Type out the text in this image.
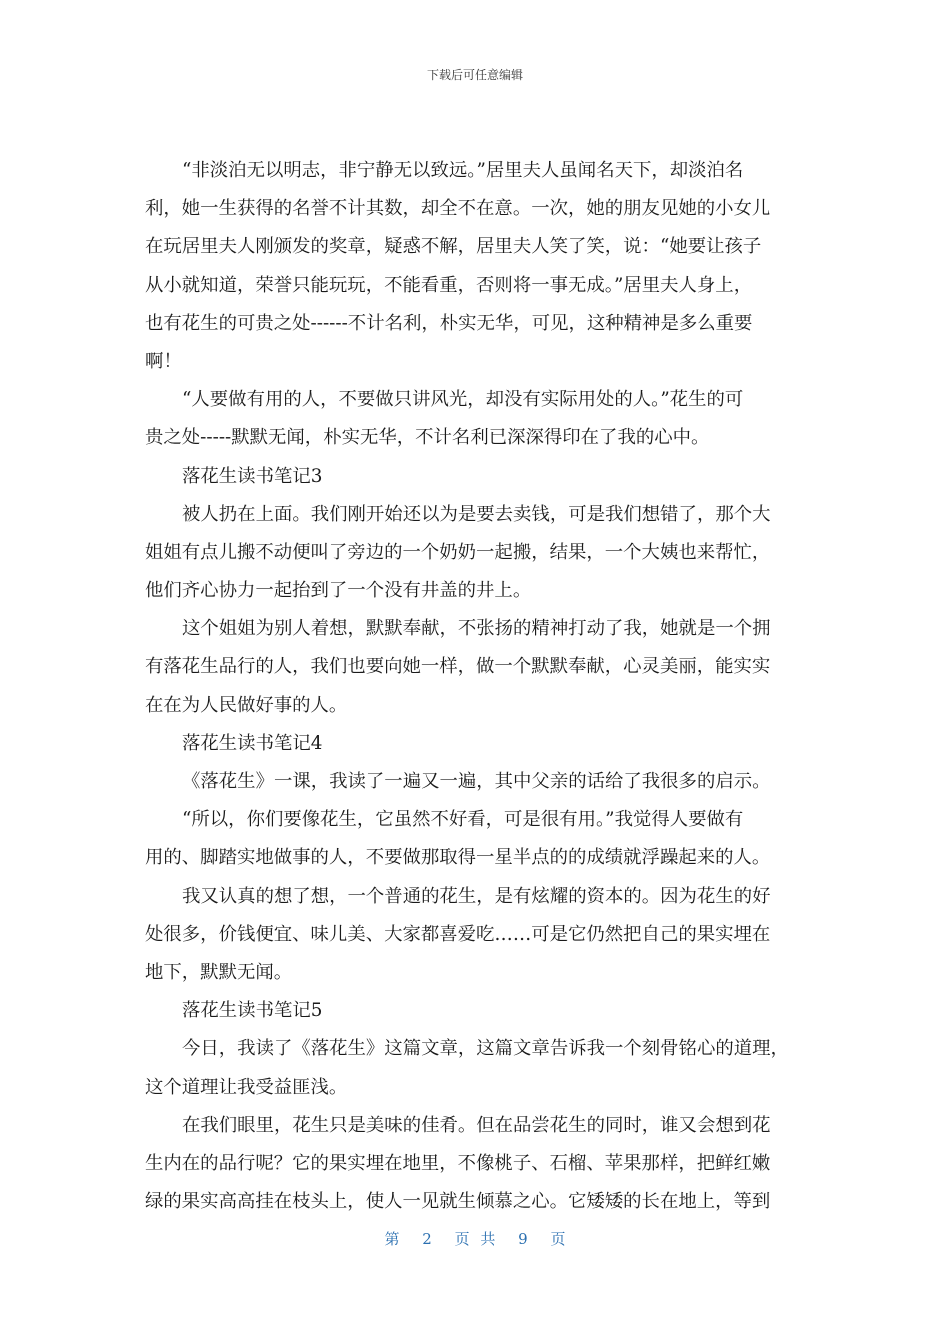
下载后可任意编辑
“非淡泊无以明志，非宁静无以致远。”居里夫人虽闻名天下，却淡泊名
利，她一生获得的名誉不计其数，却全不在意。一次，她的朋友见她的小女儿
在玩居里夫人刚颁发的奖章，疑惑不解，居里夫人笑了笑，说：“她要让孩子
从小就知道，荣誉只能玩玩，不能看重，否则将一事无成。”居里夫人身上，
也有花生的可贵之处------不计名利，朴实无华，可见，这种精神是多么重要
啊！
“人要做有用的人，不要做只讲风光，却没有实际用处的人。”花生的可
贵之处-----默默无闻，朴实无华，不计名利已深深得印在了我的心中。
落花生读书笔记3
被人扔在上面。我们刚开始还以为是要去卖钱，可是我们想错了，那个大
姐姐有点儿搬不动便叫了旁边的一个奶奶一起搬，结果，一个大姨也来帮忙，
他们齐心协力一起抬到了一个没有井盖的井上。
这个姐姐为别人着想，默默奉献，不张扬的精神打动了我，她就是一个拥
有落花生品行的人，我们也要向她一样，做一个默默奉献，心灵美丽，能实实
在在为人民做好事的人。
落花生读书笔记4
《落花生》一课，我读了一遍又一遍，其中父亲的话给了我很多的启示。
“所以，你们要像花生，它虽然不好看，可是很有用。”我觉得人要做有
用的、脚踏实地做事的人，不要做那取得一星半点的的成绩就浮躁起来的人。
我又认真的想了想，一个普通的花生，是有炫耀的资本的。因为花生的好
处很多，价钱便宜、味儿美、大家都喜爱吃……可是它仍然把自己的果实埋在
地下，默默无闻。
落花生读书笔记5
今日，我读了《落花生》这篇文章，这篇文章告诉我一个刻骨铭心的道理，
这个道理让我受益匪浅。
在我们眼里，花生只是美味的佳肴。但在品尝花生的同时，谁又会想到花
生内在的品行呢？它的果实埋在地里，不像桃子、石榴、苹果那样，把鲜红嫩
绿的果实高高挂在枝头上，使人一见就生倾慕之心。它矮矮的长在地上，等到
第 2 页 共 9 页
